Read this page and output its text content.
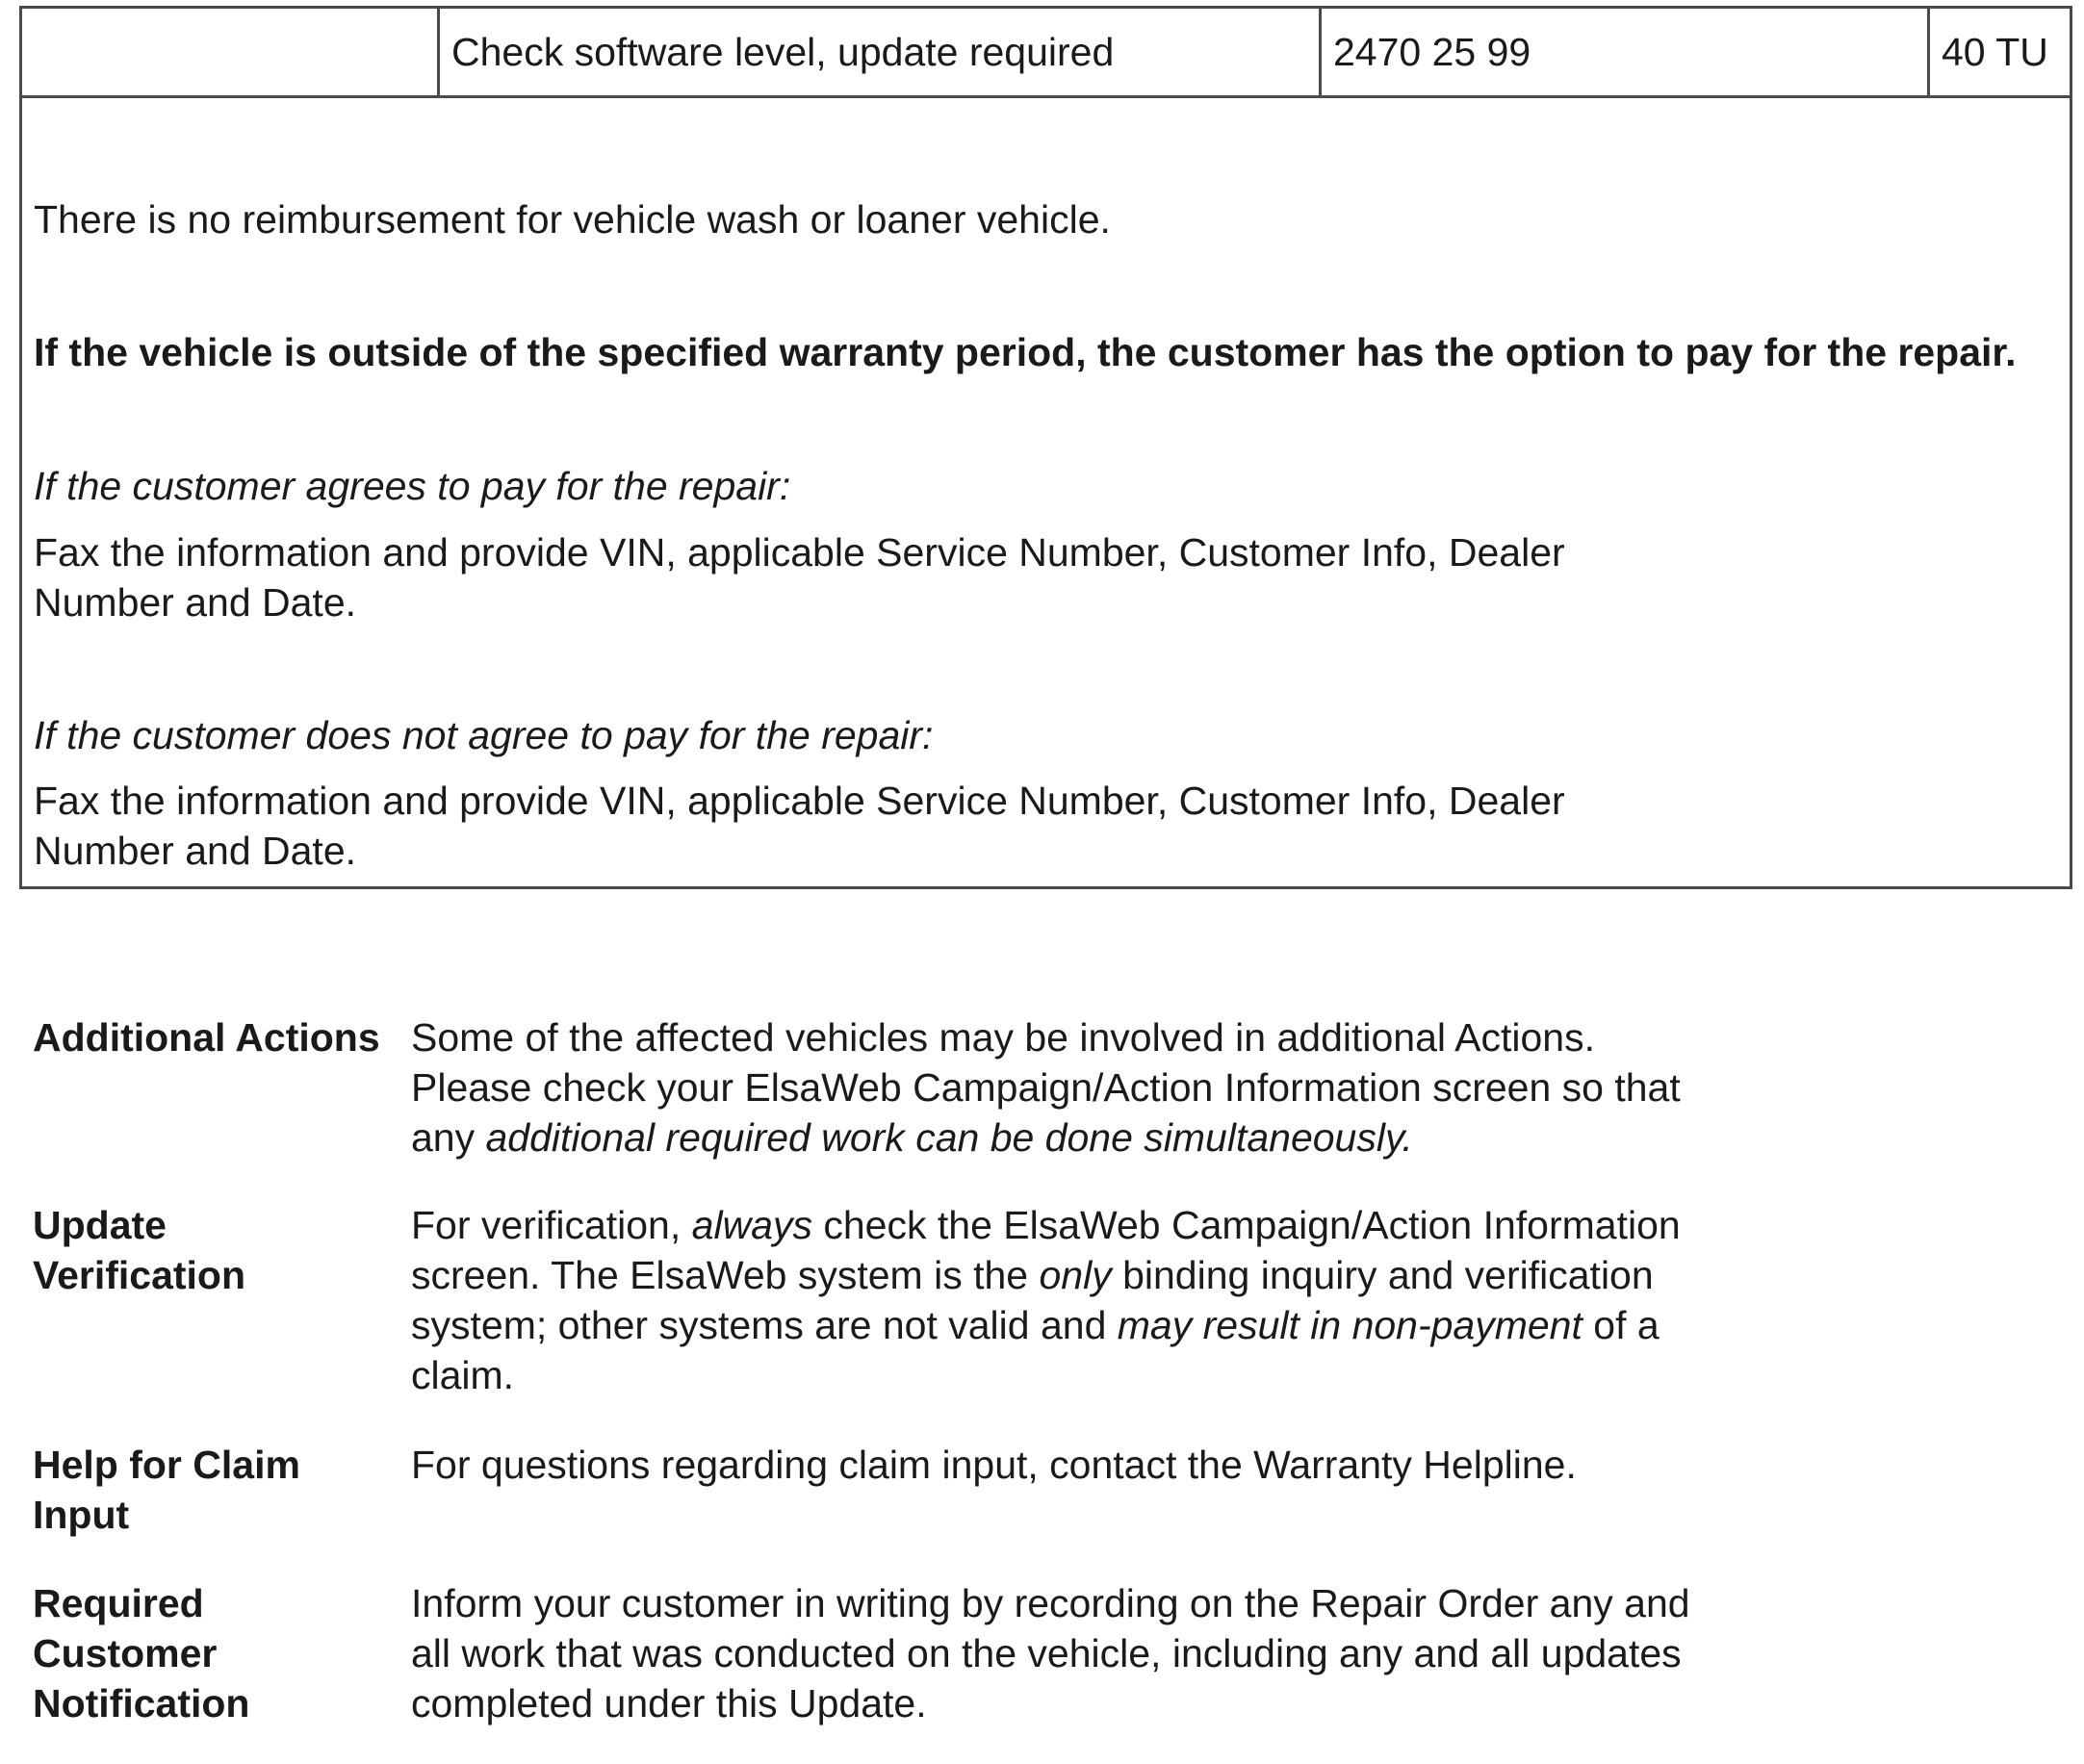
Check software level, update required	2470 25 99	40 TU

There is no reimbursement for vehicle wash or loaner vehicle.

If the vehicle is outside of the specified warranty period, the customer has the option to pay for the repair.

If the customer agrees to pay for the repair:

Fax the information and provide VIN, applicable Service Number, Customer Info, Dealer
Number and Date.

If the customer does not agree to pay for the repair:

Fax the information and provide VIN, applicable Service Number, Customer Info, Dealer
Number and Date.

Additional Actions Some of the affected vehicles may be involved in additional Actions.
Please check your ElsaWeb Campaign/Action Information screen so that
any additional required work can be done simultaneously.
Update
Verification
For verification, always check the ElsaWeb Campaign/Action Information
screen. The ElsaWeb system is the only binding inquiry and verification
system; other systems are not valid and may result in non-payment of a
claim.
Help for Claim
Input
For questions regarding claim input, contact the Warranty Helpline.
Required
Customer
Notification
Inform your customer in writing by recording on the Repair Order any and
all work that was conducted on the vehicle, including any and all updates
completed under this Update.
